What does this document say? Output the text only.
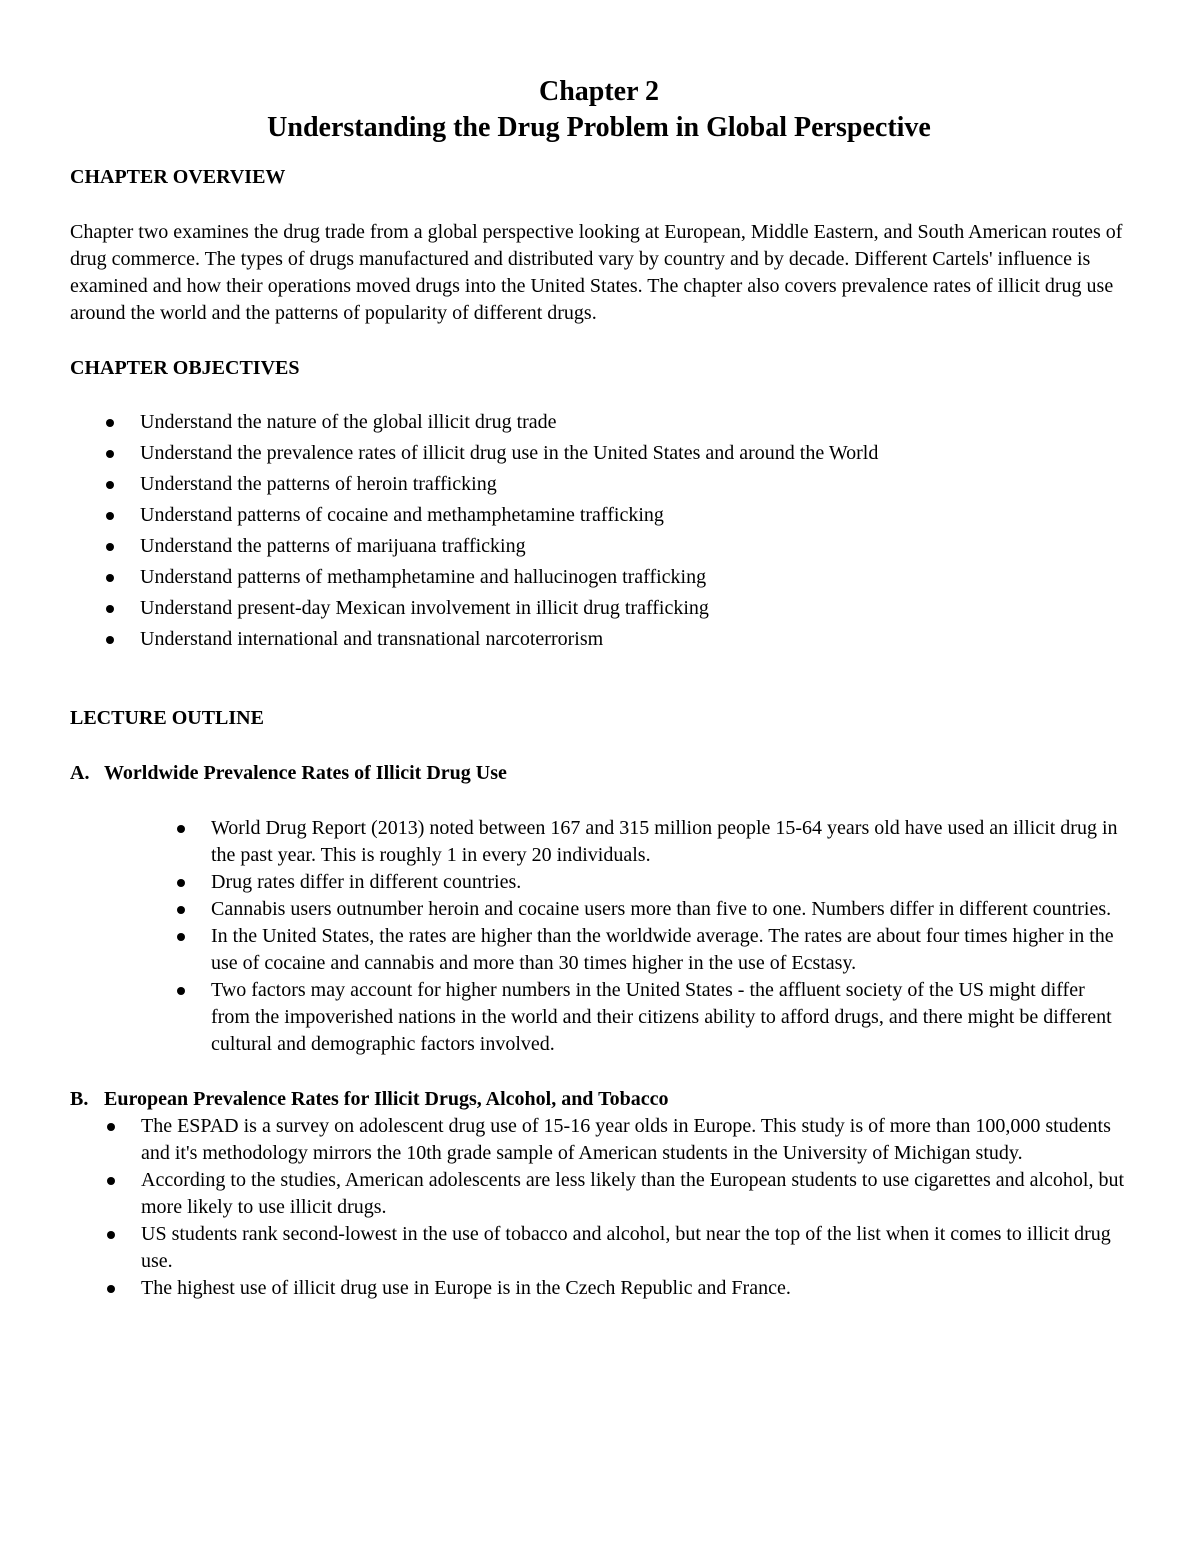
Chapter 2
Understanding the Drug Problem in Global Perspective
CHAPTER OVERVIEW
Chapter two examines the drug trade from a global perspective looking at European, Middle Eastern, and South American routes of drug commerce. The types of drugs manufactured and distributed vary by country and by decade. Different Cartels' influence is examined and how their operations moved drugs into the United States. The chapter also covers prevalence rates of illicit drug use around the world and the patterns of popularity of different drugs.
CHAPTER OBJECTIVES
Understand the nature of the global illicit drug trade
Understand the prevalence rates of illicit drug use in the United States and around the World
Understand the patterns of heroin trafficking
Understand patterns of cocaine and methamphetamine trafficking
Understand the patterns of marijuana trafficking
Understand patterns of methamphetamine and hallucinogen trafficking
Understand present-day Mexican involvement in illicit drug trafficking
Understand international and transnational narcoterrorism
LECTURE OUTLINE
A. Worldwide Prevalence Rates of Illicit Drug Use
World Drug Report (2013) noted between 167 and 315 million people 15-64 years old have used an illicit drug in the past year. This is roughly 1 in every 20 individuals.
Drug rates differ in different countries.
Cannabis users outnumber heroin and cocaine users more than five to one. Numbers differ in different countries.
In the United States, the rates are higher than the worldwide average. The rates are about four times higher in the use of cocaine and cannabis and more than 30 times higher in the use of Ecstasy.
Two factors may account for higher numbers in the United States - the affluent society of the US might differ from the impoverished nations in the world and their citizens ability to afford drugs, and there might be different cultural and demographic factors involved.
B. European Prevalence Rates for Illicit Drugs, Alcohol, and Tobacco
The ESPAD is a survey on adolescent drug use of 15-16 year olds in Europe. This study is of more than 100,000 students and it's methodology mirrors the 10th grade sample of American students in the University of Michigan study.
According to the studies, American adolescents are less likely than the European students to use cigarettes and alcohol, but more likely to use illicit drugs.
US students rank second-lowest in the use of tobacco and alcohol, but near the top of the list when it comes to illicit drug use.
The highest use of illicit drug use in Europe is in the Czech Republic and France.
